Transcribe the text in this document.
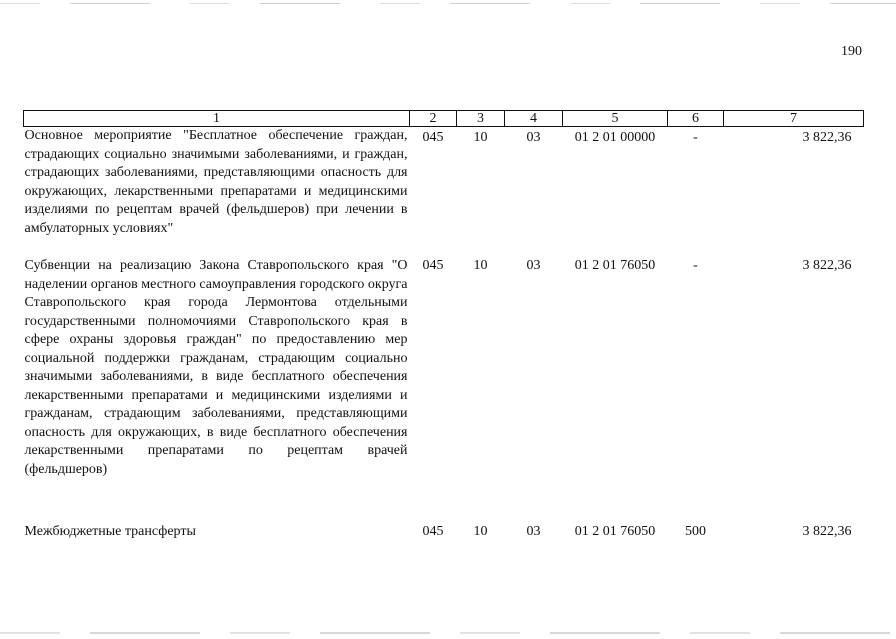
190
1	2	3	4	5	6	7
Основное мероприятие "Бесплатное обеспечение граждан, страдающих социально значимыми заболеваниями, и граждан, страдающих заболеваниями, представляющими опасность для окружающих, лекарственными препаратами и медицинскими изделиями по рецептам врачей (фельдшеров) при лечении в амбулаторных условиях"	045	10	03	01 2 01 00000	-	3 822,36
Субвенции на реализацию Закона Ставропольского края "О наделении органов местного самоуправления городского округа Ставропольского края города Лермонтова отдельными государственными полномочиями Ставропольского края в сфере охраны здоровья граждан" по предоставлению мер социальной поддержки гражданам, страдающим социально значимыми заболеваниями, в виде бесплатного обеспечения лекарственными препаратами и медицинскими изделиями и гражданам, страдающим заболеваниями, представляющими опасность для окружающих, в виде бесплатного обеспечения лекарственными препаратами по рецептам врачей (фельдшеров)	045	10	03	01 2 01 76050	-	3 822,36
Межбюджетные трансферты	045	10	03	01 2 01 76050	500	3 822,36
